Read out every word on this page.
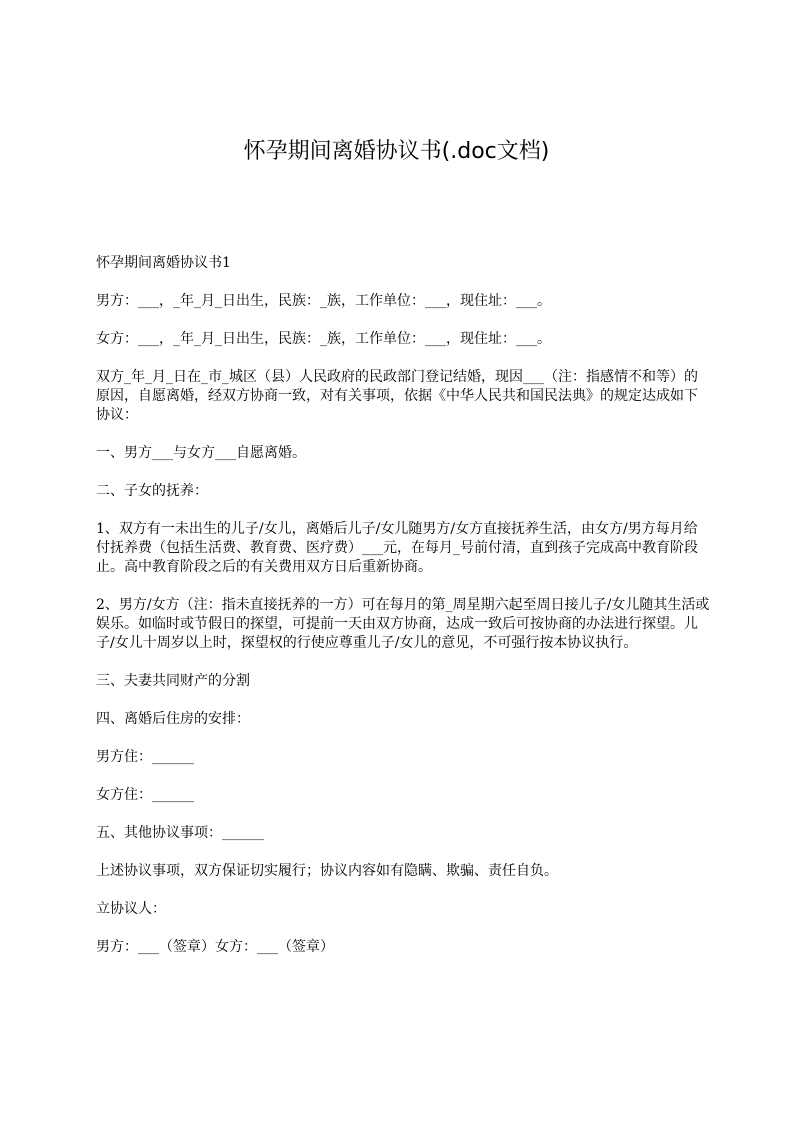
怀孕期间离婚协议书(.doc文档)

怀孕期间离婚协议书1

男方：___，_年_月_日出生，民族：_族，工作单位：___，现住址：___。

女方：___，_年_月_日出生，民族：_族，工作单位：___，现住址：___。

双方_年_月_日在_市_城区（县）人民政府的民政部门登记结婚，现因___（注：指感情不和等）的原因，自愿离婚，经双方协商一致，对有关事项，依据《中华人民共和国民法典》的规定达成如下协议：

一、男方___与女方___自愿离婚。

二、子女的抚养：

1、双方有一未出生的儿子/女儿，离婚后儿子/女儿随男方/女方直接抚养生活，由女方/男方每月给付抚养费（包括生活费、教育费、医疗费）___元，在每月_号前付清，直到孩子完成高中教育阶段止。高中教育阶段之后的有关费用双方日后重新协商。

2、男方/女方（注：指未直接抚养的一方）可在每月的第_周星期六起至周日接儿子/女儿随其生活或娱乐。如临时或节假日的探望，可提前一天由双方协商，达成一致后可按协商的办法进行探望。儿子/女儿十周岁以上时，探望权的行使应尊重儿子/女儿的意见，不可强行按本协议执行。

三、夫妻共同财产的分割

四、离婚后住房的安排：

男方住：______

女方住：______

五、其他协议事项：______

上述协议事项，双方保证切实履行；协议内容如有隐瞒、欺骗、责任自负。

立协议人：

男方：___（签章）女方：___（签章）
